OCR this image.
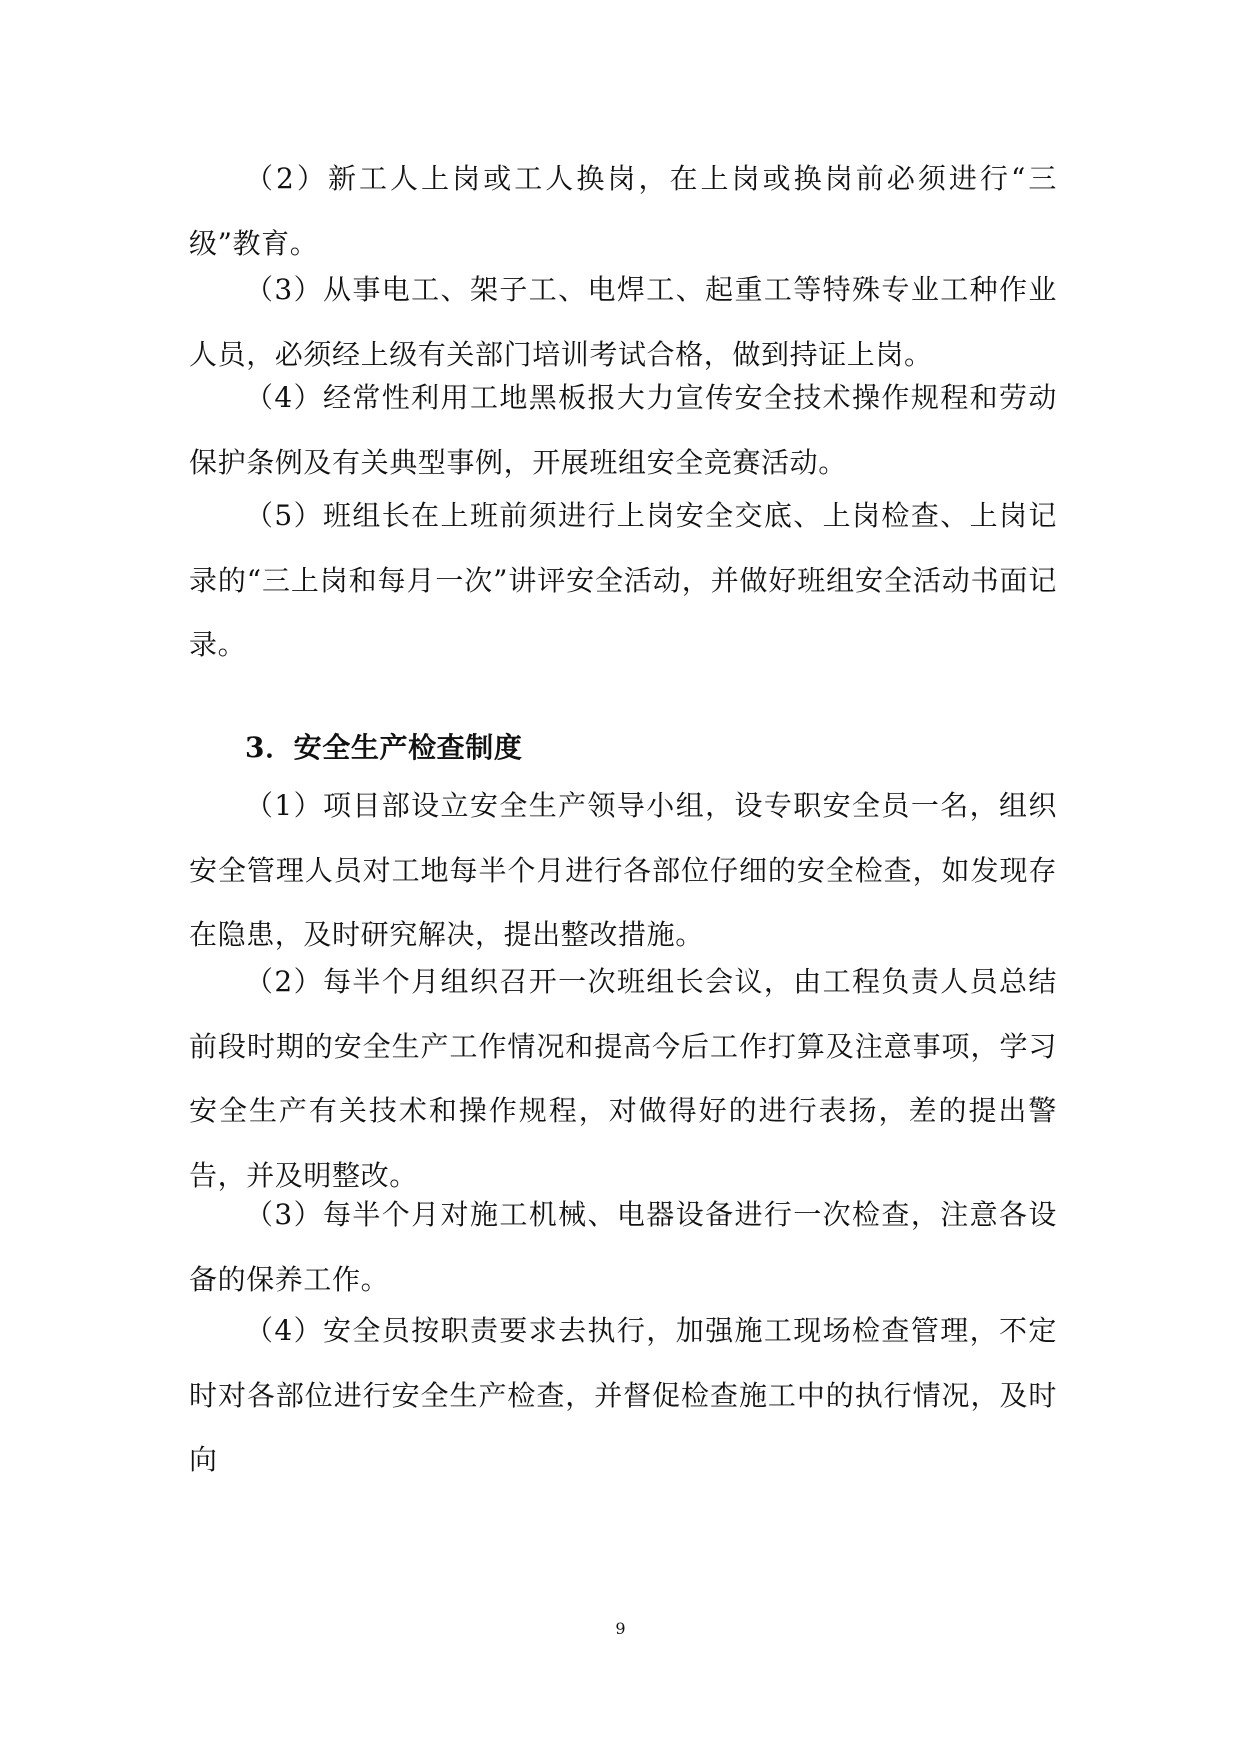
（2）新工人上岗或工人换岗，在上岗或换岗前必须进行“三级”教育。

（3）从事电工、架子工、电焊工、起重工等特殊专业工种作业人员，必须经上级有关部门培训考试合格，做到持证上岗。

（4）经常性利用工地黑板报大力宣传安全技术操作规程和劳动保护条例及有关典型事例，开展班组安全竞赛活动。

（5）班组长在上班前须进行上岗安全交底、上岗检查、上岗记录的“三上岗和每月一次”讲评安全活动，并做好班组安全活动书面记录。

3．安全生产检查制度

（1）项目部设立安全生产领导小组，设专职安全员一名，组织安全管理人员对工地每半个月进行各部位仔细的安全检查，如发现存在隐患，及时研究解决，提出整改措施。

（2）每半个月组织召开一次班组长会议，由工程负责人员总结前段时期的安全生产工作情况和提高今后工作打算及注意事项，学习安全生产有关技术和操作规程，对做得好的进行表扬，差的提出警告，并及明整改。

（3）每半个月对施工机械、电器设备进行一次检查，注意各设备的保养工作。

（4）安全员按职责要求去执行，加强施工现场检查管理，不定时对各部位进行安全生产检查，并督促检查施工中的执行情况，及时向

9
